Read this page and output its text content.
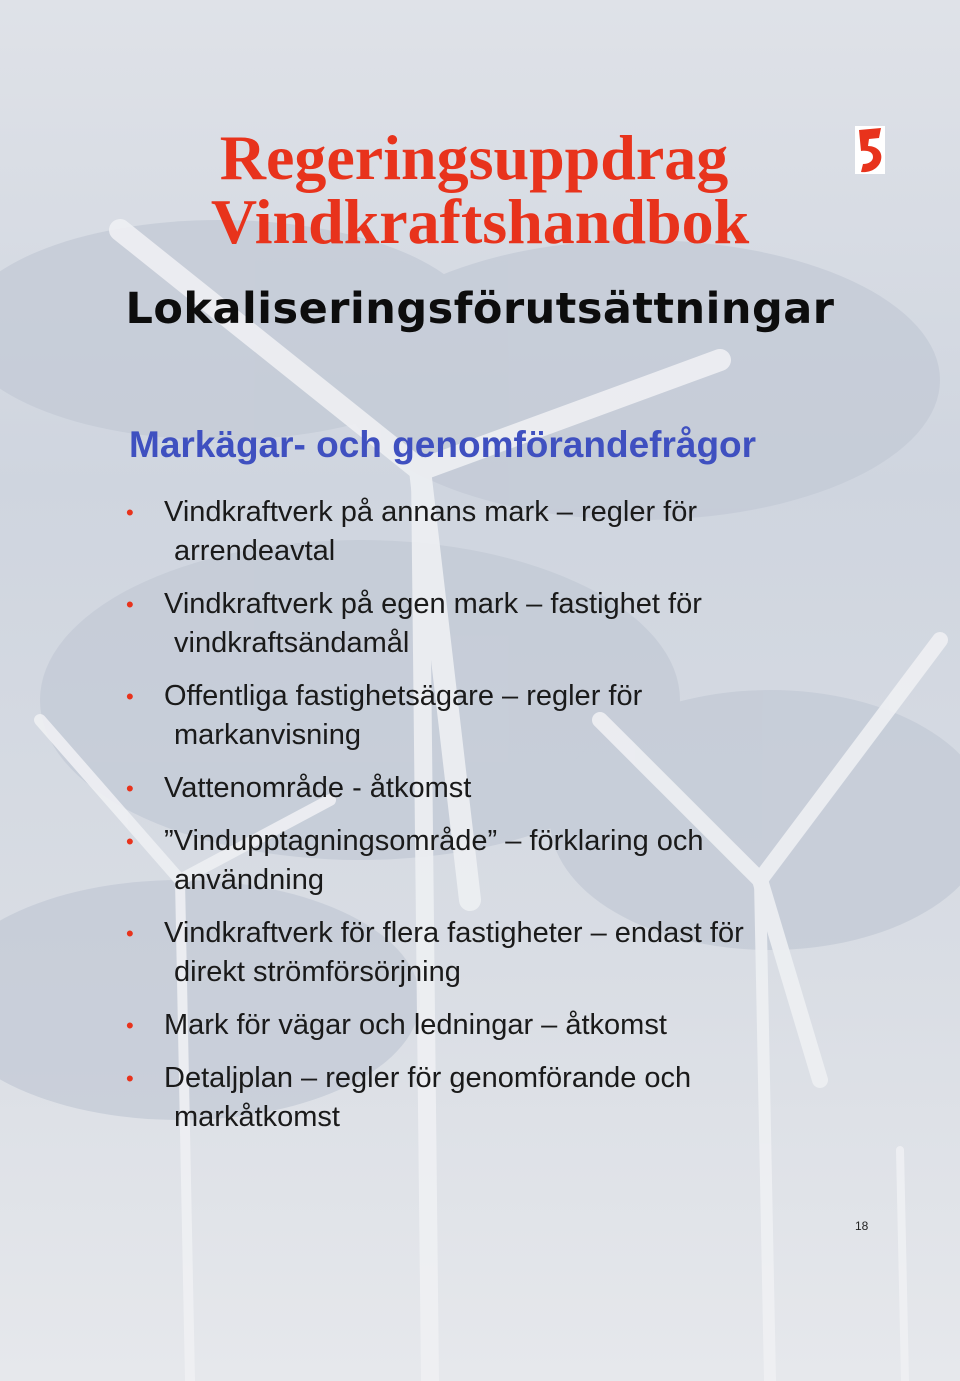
Regeringsuppdrag
Vindkraftshandbok
Lokaliseringsförutsättningar
Markägar- och genomförandefrågor
• Vindkraftverk på annans mark – regler för
arrendeavtal
• Vindkraftverk på egen mark – fastighet för
vindkraftsändamål
• Offentliga fastighetsägare – regler för
markanvisning
• Vattenområde - åtkomst
• ”Vindupptagningsområde” – förklaring och
användning
• Vindkraftverk för flera fastigheter – endast för
direkt strömförsörjning
• Mark för vägar och ledningar – åtkomst
• Detaljplan – regler för genomförande och
markåtkomst
18
